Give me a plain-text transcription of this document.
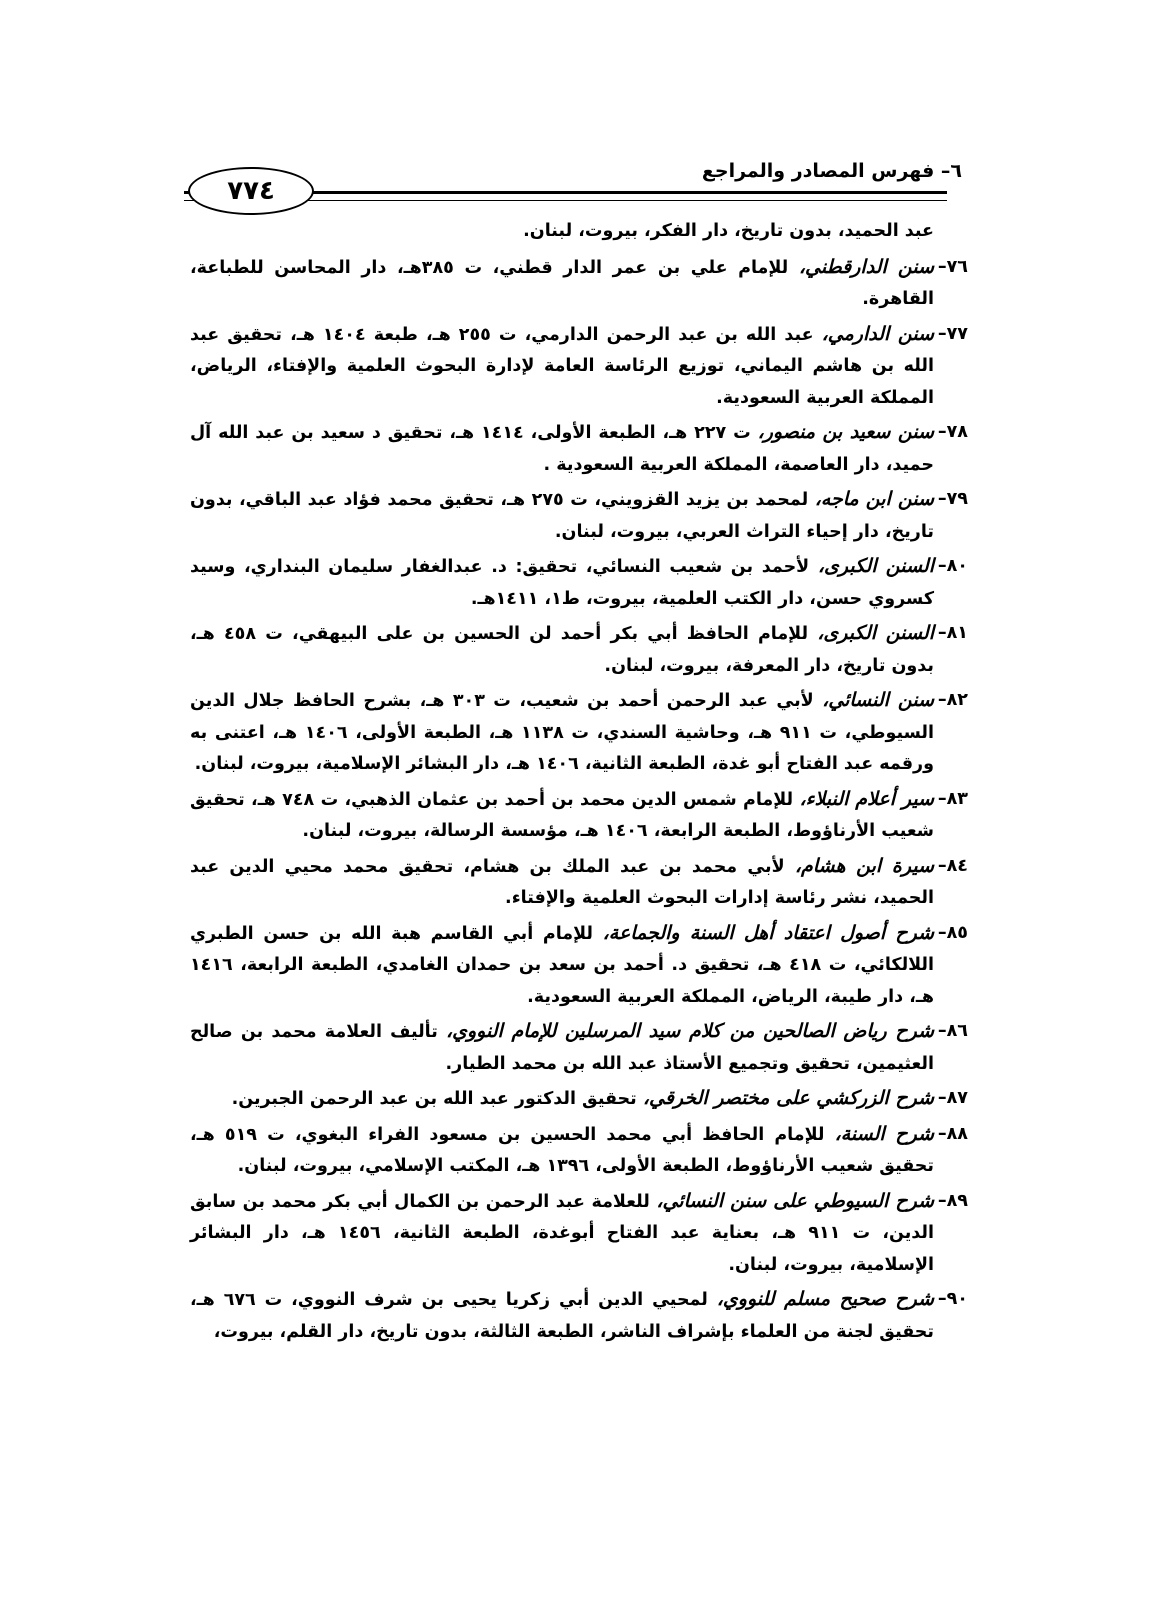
٦– فهرس المصادر والمراجع
٧٧٤
عبد الحميد، بدون تاريخ، دار الفكر، بيروت، لبنان.
٧٦–
سنن الدارقطني، للإمام علي بن عمر الدار قطني، ت ٣٨٥هـ، دار المحاسن للطباعة، القاهرة.
٧٧–
سنن الدارمي، عبد الله بن عبد الرحمن الدارمي، ت ٢٥٥ هـ، طبعة ١٤٠٤ هـ، تحقيق عبد الله بن هاشم اليماني، توزيع الرئاسة العامة لإدارة البحوث العلمية والإفتاء، الرياض، المملكة العربية السعودية.
٧٨–
سنن سعيد بن منصور، ت ٢٢٧ هـ، الطبعة الأولى، ١٤١٤ هـ، تحقيق د سعيد بن عبد الله آل حميد، دار العاصمة، المملكة العربية السعودية .
٧٩–
سنن ابن ماجه، لمحمد بن يزيد القزويني، ت ٢٧٥ هـ، تحقيق محمد فؤاد عبد الباقي، بدون تاريخ، دار إحياء التراث العربي، بيروت، لبنان.
٨٠–
السنن الكبرى، لأحمد بن شعيب النسائي، تحقيق: د. عبدالغفار سليمان البنداري، وسيد كسروي حسن، دار الكتب العلمية، بيروت، ط١، ١٤١١هـ.
٨١–
السنن الكبرى، للإمام الحافظ أبي بكر أحمد لن الحسين بن على البيهقي، ت ٤٥٨ هـ، بدون تاريخ، دار المعرفة، بيروت، لبنان.
٨٢–
سنن النسائي، لأبي عبد الرحمن أحمد بن شعيب، ت ٣٠٣ هـ، بشرح الحافظ جلال الدين السيوطي، ت ٩١١ هـ، وحاشية السندي، ت ١١٣٨ هـ، الطبعة الأولى، ١٤٠٦ هـ، اعتنى به ورقمه عبد الفتاح أبو غدة، الطبعة الثانية، ١٤٠٦ هـ، دار البشائر الإسلامية، بيروت، لبنان.
٨٣–
سير أعلام النبلاء، للإمام شمس الدين محمد بن أحمد بن عثمان الذهبي، ت ٧٤٨ هـ، تحقيق شعيب الأرناؤوط، الطبعة الرابعة، ١٤٠٦ هـ، مؤسسة الرسالة، بيروت، لبنان.
٨٤–
سيرة ابن هشام، لأبي محمد بن عبد الملك بن هشام، تحقيق محمد محيي الدين عبد الحميد، نشر رئاسة إدارات البحوث العلمية والإفتاء.
٨٥–
شرح أصول اعتقاد أهل السنة والجماعة، للإمام أبي القاسم هبة الله بن حسن الطبري اللالكائي، ت ٤١٨ هـ، تحقيق د. أحمد بن سعد بن حمدان الغامدي، الطبعة الرابعة، ١٤١٦ هـ، دار طيبة، الرياض، المملكة العربية السعودية.
٨٦–
شرح رياض الصالحين من كلام سيد المرسلين للإمام النووي، تأليف العلامة محمد بن صالح العثيمين، تحقيق وتجميع الأستاذ عبد الله بن محمد الطيار.
٨٧–
شرح الزركشي على مختصر الخرقي، تحقيق الدكتور عبد الله بن عبد الرحمن الجبرين.
٨٨–
شرح السنة، للإمام الحافظ أبي محمد الحسين بن مسعود الفراء البغوي، ت ٥١٩ هـ، تحقيق شعيب الأرناؤوط، الطبعة الأولى، ١٣٩٦ هـ، المكتب الإسلامي، بيروت، لبنان.
٨٩–
شرح السيوطي على سنن النسائي، للعلامة عبد الرحمن بن الكمال أبي بكر محمد بن سابق الدين، ت ٩١١ هـ، بعناية عبد الفتاح أبوغدة، الطبعة الثانية، ١٤٥٦ هـ، دار البشائر الإسلامية، بيروت، لبنان.
٩٠–
شرح صحيح مسلم للنووي، لمحيي الدين أبي زكريا يحيى بن شرف النووي، ت ٦٧٦ هـ، تحقيق لجنة من العلماء بإشراف الناشر، الطبعة الثالثة، بدون تاريخ، دار القلم، بيروت،
